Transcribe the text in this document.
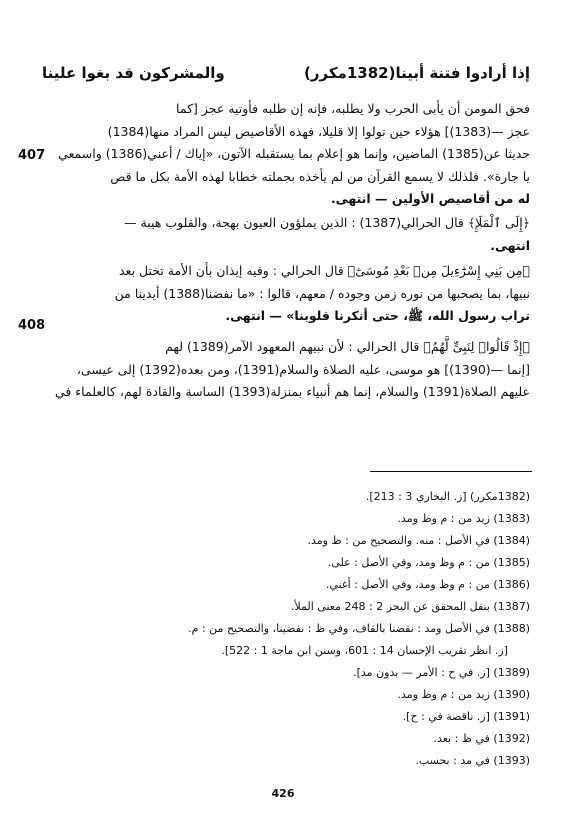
إذا أرادوا فتنة أبينا(1382مكرر)
والمشركون قد بغوا علينا
فحق المومن أن يأبى الحرب ولا يطلبه، فإنه إن طلبه فأوتيه عجز [كما
عجز —(1383)] هؤلاء حين تولوا إلا قليلا، فهذه الأقاصيص ليس المراد منها(1384)
حديثا عن(1385) الماضين، وإنما هو إعلام بما يستقبله الآتون، «إياك / أعني(1386) واسمعي
يا جارة». فلذلك لا يسمع القرآن من لم يأخذه بجملته خطابا لهذه الأمة بكل ما قص
له من أقاصيص الأولين — انتهى.
﴿إِلَى ٱلْمَلَإِ﴾ قال الحرالي(1387) : الذين يملؤون العيون بهجة، والقلوب هيبة —
انتهى.
﴿مِن بَنِي إِسْرَٰٓءِيلَ مِنۢ بَعْدِ مُوسَىٰٓ﴾ قال الحرالي : وفيه إيذان بأن الأمة تختل بعد
نبيها، بما يصحبها من نوره زمن وجوده / معهم، قالوا : «ما نفضنا(1388) أيدينا من
تراب رسول الله، ﷺ، حتى أنكرنا قلوبنا» — انتهى.
﴿إِذْ قَالُوا۟ لِنَبِىٍّ لَّهُمُ﴾ قال الحرالي : لأن نبيهم المعهود الآمر(1389) لهم
[إنما —(1390)] هو موسى، عليه الصلاة والسلام(1391)، ومن بعده(1392) إلى عيسى،
عليهم الصلاة(1391) والسلام، إنما هم أنبياء بمنزلة(1393) الساسة والقادة لهم، كالعلماء في
407
408
(1382مكرر) [ز. البخاري 3 : 213].
(1383) زيد من : م وظ ومد.
(1384) في الأصل : منه. والتصحيح من : ظ ومد.
(1385) من : م وظ ومد، وفي الأصل : على.
(1386) من : م وظ ومد، وفي الأصل : أغني.
(1387) بنقل المحقق عن البحر 2 : 248 معنى الملأ.
(1388) في الأصل ومد : نقضنا بالقاف، وفي ظ : نفضينا، والتصحيح من : م.
[ز. انظر تقريب الإحسان 14 : 601، وسنن ابن ماجة 1 : 522].
(1389) [ز. في ح : الأمر — بدون مد].
(1390) زيد من : م وظ ومد.
(1391) [ز. ناقصة في : ح].
(1392) في ظ : بعد.
(1393) في مد : بحسب.
426
